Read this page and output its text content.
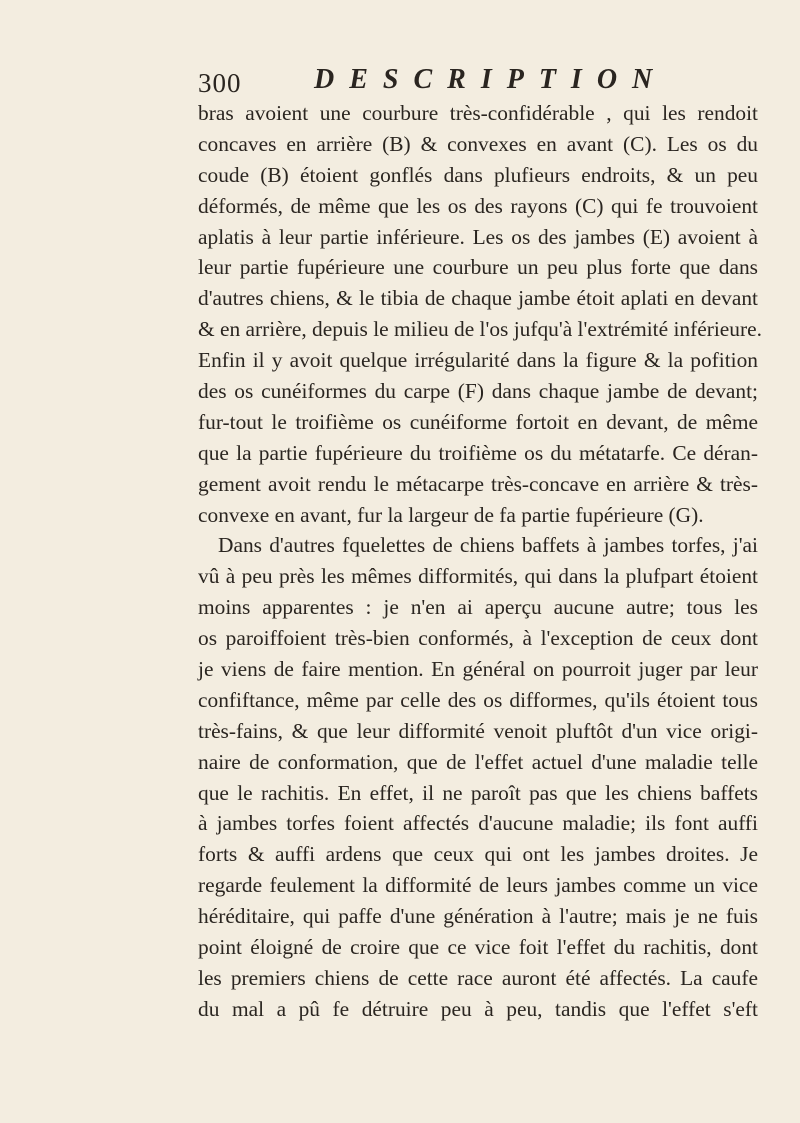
300	DESCRIPTION
bras avoient une courbure très-confidérable , qui les rendoit
concaves en arrière (B) & convexes en avant (C). Les os du
coude (B) étoient gonflés dans plufieurs endroits, & un peu
déformés, de même que les os des rayons (C) qui fe trouvoient
aplatis à leur partie inférieure. Les os des jambes (E) avoient à
leur partie fupérieure une courbure un peu plus forte que dans
d'autres chiens, & le tibia de chaque jambe étoit aplati en devant
& en arrière, depuis le milieu de l'os jufqu'à l'extrémité inférieure.
Enfin il y avoit quelque irrégularité dans la figure & la pofition
des os cunéiformes du carpe (F) dans chaque jambe de devant;
fur-tout le troifième os cunéiforme fortoit en devant, de même
que la partie fupérieure du troifième os du métatarfe. Ce déran-
gement avoit rendu le métacarpe très-concave en arrière & très-
convexe en avant, fur la largeur de fa partie fupérieure (G).
Dans d'autres fquelettes de chiens baffets à jambes torfes, j'ai
vû à peu près les mêmes difformités, qui dans la plufpart étoient
moins apparentes : je n'en ai aperçu aucune autre; tous les
os paroiffoient très-bien conformés, à l'exception de ceux dont
je viens de faire mention. En général on pourroit juger par leur
confiftance, même par celle des os difformes, qu'ils étoient tous
très-fains, & que leur difformité venoit pluftôt d'un vice origi-
naire de conformation, que de l'effet actuel d'une maladie telle
que le rachitis. En effet, il ne paroît pas que les chiens baffets
à jambes torfes foient affectés d'aucune maladie; ils font auffi
forts & auffi ardens que ceux qui ont les jambes droites. Je
regarde feulement la difformité de leurs jambes comme un vice
héréditaire, qui paffe d'une génération à l'autre; mais je ne fuis
point éloigné de croire que ce vice foit l'effet du rachitis, dont
les premiers chiens de cette race auront été affectés. La caufe
du mal a pû fe détruire peu à peu, tandis que l'effet s'eft
